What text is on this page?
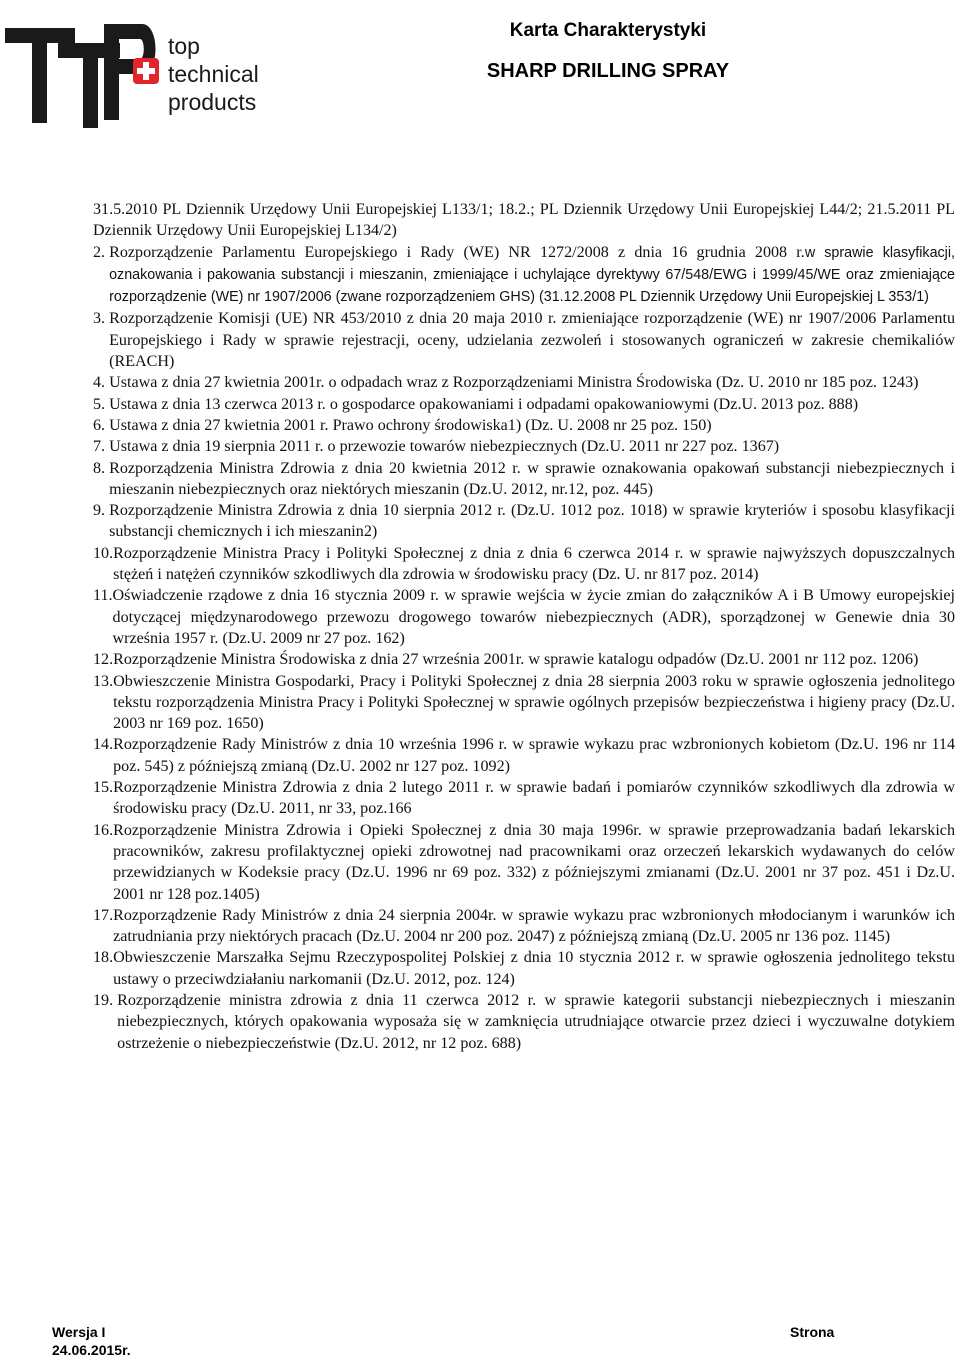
top
technical
products
Karta Charakterystyki
SHARP DRILLING SPRAY
31.5.2010 PL Dziennik Urzędowy Unii Europejskiej L133/1; 18.2.; PL Dziennik Urzędowy Unii Europejskiej L44/2; 21.5.2011 PL Dziennik Urzędowy Unii Europejskiej L134/2)
2. Rozporządzenie Parlamentu Europejskiego i Rady (WE) NR 1272/2008 z dnia 16 grudnia 2008 r.w sprawie klasyfikacji, oznakowania i pakowania substancji i mieszanin, zmieniające i uchylające dyrektywy 67/548/EWG i 1999/45/WE oraz zmieniające rozporządzenie (WE) nr 1907/2006 (zwane rozporządzeniem GHS) (31.12.2008 PL Dziennik Urzędowy Unii Europejskiej L 353/1)
3. Rozporządzenie Komisji (UE) NR 453/2010 z dnia 20 maja 2010 r. zmieniające rozporządzenie (WE) nr 1907/2006 Parlamentu Europejskiego i Rady w sprawie rejestracji, oceny, udzielania zezwoleń i stosowanych ograniczeń w zakresie chemikaliów (REACH)
4. Ustawa z dnia 27 kwietnia 2001r. o odpadach wraz z Rozporządzeniami Ministra Środowiska (Dz. U. 2010 nr 185 poz. 1243)
5. Ustawa z dnia 13 czerwca 2013 r. o gospodarce opakowaniami i odpadami opakowaniowymi (Dz.U. 2013 poz. 888)
6. Ustawa z dnia 27 kwietnia 2001 r. Prawo ochrony środowiska1) (Dz. U. 2008 nr 25 poz. 150)
7. Ustawa z dnia 19 sierpnia 2011 r. o przewozie towarów niebezpiecznych (Dz.U. 2011 nr 227 poz. 1367)
8. Rozporządzenia Ministra Zdrowia z dnia 20 kwietnia 2012 r. w sprawie oznakowania opakowań substancji niebezpiecznych i mieszanin niebezpiecznych oraz niektórych mieszanin (Dz.U. 2012, nr.12, poz. 445)
9. Rozporządzenie Ministra Zdrowia z dnia 10 sierpnia 2012 r. (Dz.U. 1012 poz. 1018) w sprawie kryteriów i sposobu klasyfikacji substancji chemicznych i ich mieszanin2)
10. Rozporządzenie Ministra Pracy i Polityki Społecznej z dnia z dnia 6 czerwca 2014 r. w sprawie najwyższych dopuszczalnych stężeń i natężeń czynników szkodliwych dla zdrowia w środowisku pracy (Dz. U. nr 817 poz. 2014)
11. Oświadczenie rządowe z dnia 16 stycznia 2009 r. w sprawie wejścia w życie zmian do załączników A i B Umowy europejskiej dotyczącej międzynarodowego przewozu drogowego towarów niebezpiecznych (ADR), sporządzonej w Genewie dnia 30 września 1957 r. (Dz.U. 2009 nr 27 poz. 162)
12. Rozporządzenie Ministra Środowiska z dnia 27 września 2001r. w sprawie katalogu odpadów (Dz.U. 2001 nr 112 poz. 1206)
13. Obwieszczenie Ministra Gospodarki, Pracy i Polityki Społecznej z dnia 28 sierpnia 2003 roku w sprawie ogłoszenia jednolitego tekstu rozporządzenia Ministra Pracy i Polityki Społecznej w sprawie ogólnych przepisów bezpieczeństwa i higieny pracy (Dz.U. 2003 nr 169 poz. 1650)
14. Rozporządzenie Rady Ministrów z dnia 10 września 1996 r. w sprawie wykazu prac wzbronionych kobietom (Dz.U. 196 nr 114 poz. 545) z późniejszą zmianą (Dz.U. 2002 nr 127 poz. 1092)
15. Rozporządzenie Ministra Zdrowia z dnia 2 lutego 2011 r. w sprawie badań i pomiarów czynników szkodliwych dla zdrowia w środowisku pracy (Dz.U. 2011, nr 33, poz.166
16. Rozporządzenie Ministra Zdrowia i Opieki Społecznej z dnia 30 maja 1996r. w sprawie przeprowadzania badań lekarskich pracowników, zakresu profilaktycznej opieki zdrowotnej nad pracownikami oraz orzeczeń lekarskich wydawanych do celów przewidzianych w Kodeksie pracy (Dz.U. 1996 nr 69 poz. 332) z późniejszymi zmianami (Dz.U. 2001 nr 37 poz. 451 i Dz.U. 2001 nr 128 poz.1405)
17. Rozporządzenie Rady Ministrów z dnia 24 sierpnia 2004r. w sprawie wykazu prac wzbronionych młodocianym i warunków ich zatrudniania przy niektórych pracach (Dz.U. 2004 nr 200 poz. 2047) z późniejszą zmianą (Dz.U. 2005 nr 136 poz. 1145)
18. Obwieszczenie Marszałka Sejmu Rzeczypospolitej Polskiej z dnia 10 stycznia 2012 r. w sprawie ogłoszenia jednolitego tekstu ustawy o przeciwdziałaniu narkomanii (Dz.U. 2012, poz. 124)
19. Rozporządzenie ministra zdrowia z dnia 11 czerwca 2012 r. w sprawie kategorii substancji niebezpiecznych i mieszanin niebezpiecznych, których opakowania wyposaża się w zamknięcia utrudniające otwarcie przez dzieci i wyczuwalne dotykiem ostrzeżenie o niebezpieczeństwie (Dz.U. 2012, nr 12 poz. 688)
Wersja I
24.06.2015r.
Strona
